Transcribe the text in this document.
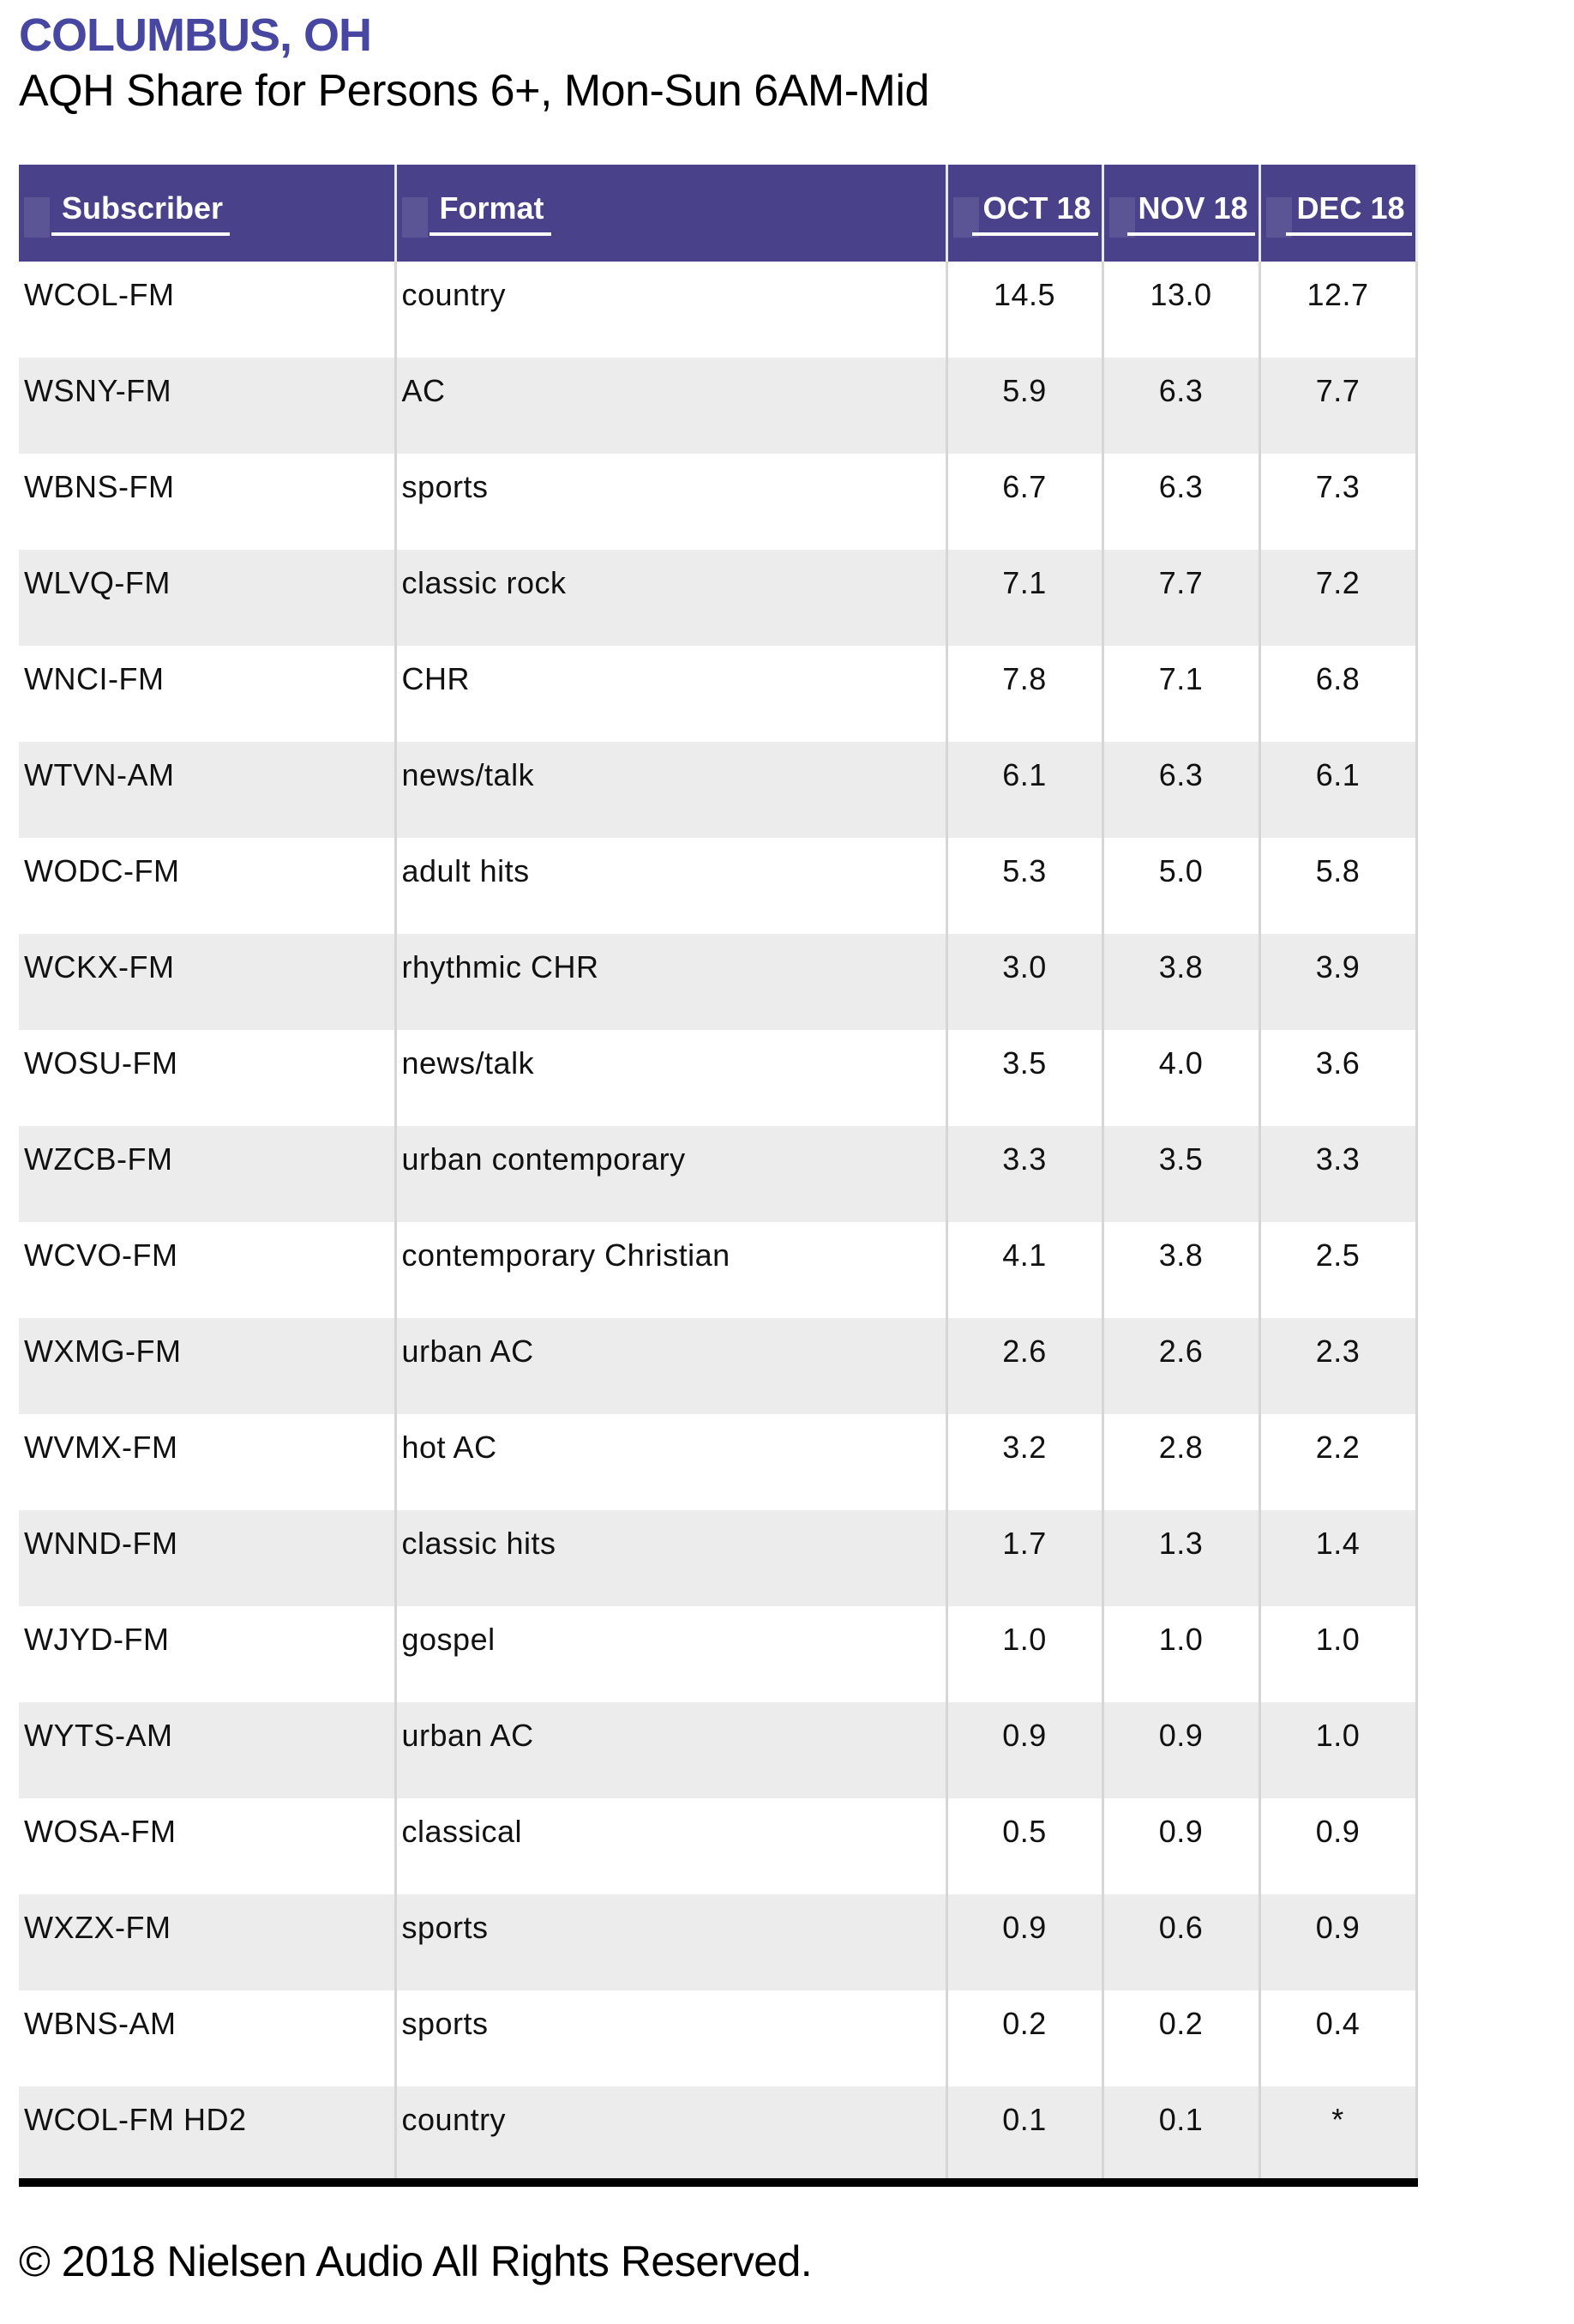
COLUMBUS, OH
AQH Share for Persons 6+, Mon-Sun 6AM-Mid
Subscriber	Format	OCT 18	NOV 18	DEC 18
WCOL-FM	country	14.5	13.0	12.7
WSNY-FM	AC	5.9	6.3	7.7
WBNS-FM	sports	6.7	6.3	7.3
WLVQ-FM	classic rock	7.1	7.7	7.2
WNCI-FM	CHR	7.8	7.1	6.8
WTVN-AM	news/talk	6.1	6.3	6.1
WODC-FM	adult hits	5.3	5.0	5.8
WCKX-FM	rhythmic CHR	3.0	3.8	3.9
WOSU-FM	news/talk	3.5	4.0	3.6
WZCB-FM	urban contemporary	3.3	3.5	3.3
WCVO-FM	contemporary Christian	4.1	3.8	2.5
WXMG-FM	urban AC	2.6	2.6	2.3
WVMX-FM	hot AC	3.2	2.8	2.2
WNND-FM	classic hits	1.7	1.3	1.4
WJYD-FM	gospel	1.0	1.0	1.0
WYTS-AM	urban AC	0.9	0.9	1.0
WOSA-FM	classical	0.5	0.9	0.9
WXZX-FM	sports	0.9	0.6	0.9
WBNS-AM	sports	0.2	0.2	0.4
WCOL-FM HD2	country	0.1	0.1	*
© 2018 Nielsen Audio All Rights Reserved.
